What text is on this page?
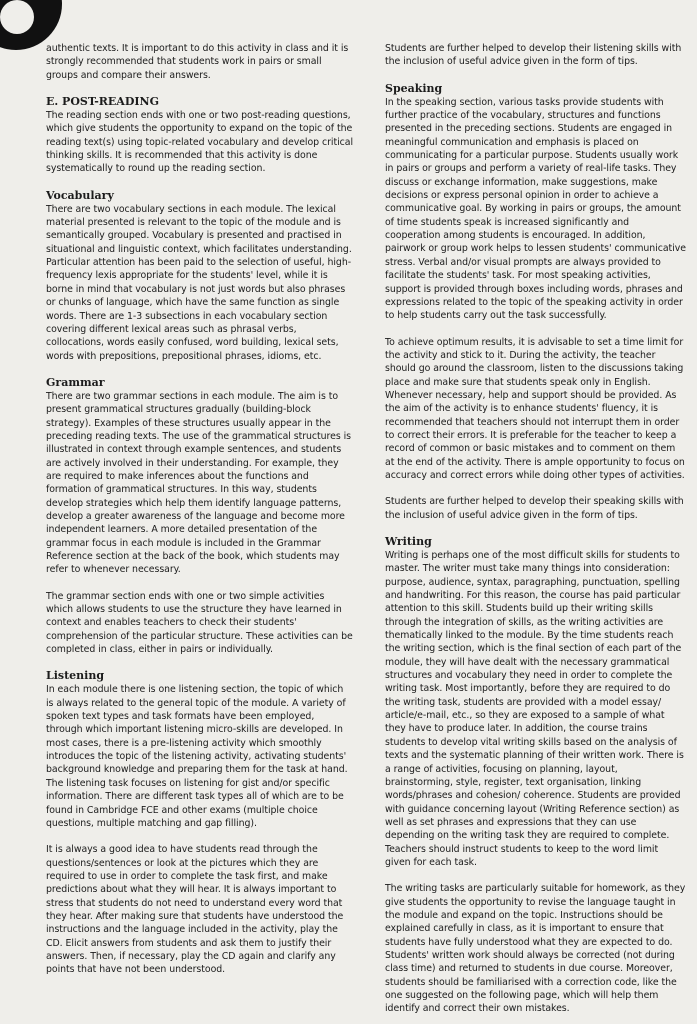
authentic texts. It is important to do this activity in class and it is strongly recommended that students work in pairs or small groups and compare their answers.

E. POST-READING

The reading section ends with one or two post-reading questions, which give students the opportunity to expand on the topic of the reading text(s) using topic-related vocabulary and develop critical thinking skills. It is recommended that this activity is done systematically to round up the reading section.

Vocabulary

There are two vocabulary sections in each module. The lexical material presented is relevant to the topic of the module and is semantically grouped. Vocabulary is presented and practised in situational and linguistic context, which facilitates understanding. Particular attention has been paid to the selection of useful, high-frequency lexis appropriate for the students' level, while it is borne in mind that vocabulary is not just words but also phrases or chunks of language, which have the same function as single words. There are 1-3 subsections in each vocabulary section covering different lexical areas such as phrasal verbs, collocations, words easily confused, word building, lexical sets, words with prepositions, prepositional phrases, idioms, etc.

Grammar

There are two grammar sections in each module. The aim is to present grammatical structures gradually (building-block strategy). Examples of these structures usually appear in the preceding reading texts. The use of the grammatical structures is illustrated in context through example sentences, and students are actively involved in their understanding. For example, they are required to make inferences about the functions and formation of grammatical structures. In this way, students develop strategies which help them identify language patterns, develop a greater awareness of the language and become more independent learners. A more detailed presentation of the grammar focus in each module is included in the Grammar Reference section at the back of the book, which students may refer to whenever necessary.

The grammar section ends with one or two simple activities which allows students to use the structure they have learned in context and enables teachers to check their students' comprehension of the particular structure. These activities can be completed in class, either in pairs or individually.

Listening

In each module there is one listening section, the topic of which is always related to the general topic of the module. A variety of spoken text types and task formats have been employed, through which important listening micro-skills are developed. In most cases, there is a pre-listening activity which smoothly introduces the topic of the listening activity, activating students' background knowledge and preparing them for the task at hand. The listening task focuses on listening for gist and/or specific information. There are different task types all of which are to be found in Cambridge FCE and other exams (multiple choice questions, multiple matching and gap filling).

It is always a good idea to have students read through the questions/sentences or look at the pictures which they are required to use in order to complete the task first, and make predictions about what they will hear. It is always important to stress that students do not need to understand every word that they hear. After making sure that students have understood the instructions and the language included in the activity, play the CD. Elicit answers from students and ask them to justify their answers. Then, if necessary, play the CD again and clarify any points that have not been understood.

Students are further helped to develop their listening skills with the inclusion of useful advice given in the form of tips.

Speaking

In the speaking section, various tasks provide students with further practice of the vocabulary, structures and functions presented in the preceding sections. Students are engaged in meaningful communication and emphasis is placed on communicating for a particular purpose. Students usually work in pairs or groups and perform a variety of real-life tasks. They discuss or exchange information, make suggestions, make decisions or express personal opinion in order to achieve a communicative goal. By working in pairs or groups, the amount of time students speak is increased significantly and cooperation among students is encouraged. In addition, pairwork or group work helps to lessen students' communicative stress. Verbal and/or visual prompts are always provided to facilitate the students' task. For most speaking activities, support is provided through boxes including words, phrases and expressions related to the topic of the speaking activity in order to help students carry out the task successfully.

To achieve optimum results, it is advisable to set a time limit for the activity and stick to it. During the activity, the teacher should go around the classroom, listen to the discussions taking place and make sure that students speak only in English. Whenever necessary, help and support should be provided. As the aim of the activity is to enhance students' fluency, it is recommended that teachers should not interrupt them in order to correct their errors. It is preferable for the teacher to keep a record of common or basic mistakes and to comment on them at the end of the activity. There is ample opportunity to focus on accuracy and correct errors while doing other types of activities.

Students are further helped to develop their speaking skills with the inclusion of useful advice given in the form of tips.

Writing

Writing is perhaps one of the most difficult skills for students to master. The writer must take many things into consideration: purpose, audience, syntax, paragraphing, punctuation, spelling and handwriting. For this reason, the course has paid particular attention to this skill. Students build up their writing skills through the integration of skills, as the writing activities are thematically linked to the module. By the time students reach the writing section, which is the final section of each part of the module, they will have dealt with the necessary grammatical structures and vocabulary they need in order to complete the writing task. Most importantly, before they are required to do the writing task, students are provided with a model essay/ article/e-mail, etc., so they are exposed to a sample of what they have to produce later. In addition, the course trains students to develop vital writing skills based on the analysis of texts and the systematic planning of their written work. There is a range of activities, focusing on planning, layout, brainstorming, style, register, text organisation, linking words/phrases and cohesion/ coherence. Students are provided with guidance concerning layout (Writing Reference section) as well as set phrases and expressions that they can use depending on the writing task they are required to complete. Teachers should instruct students to keep to the word limit given for each task.

The writing tasks are particularly suitable for homework, as they give students the opportunity to revise the language taught in the module and expand on the topic. Instructions should be explained carefully in class, as it is important to ensure that students have fully understood what they are expected to do. Students' written work should always be corrected (not during class time) and returned to students in due course. Moreover, students should be familiarised with a correction code, like the one suggested on the following page, which will help them identify and correct their own mistakes.
